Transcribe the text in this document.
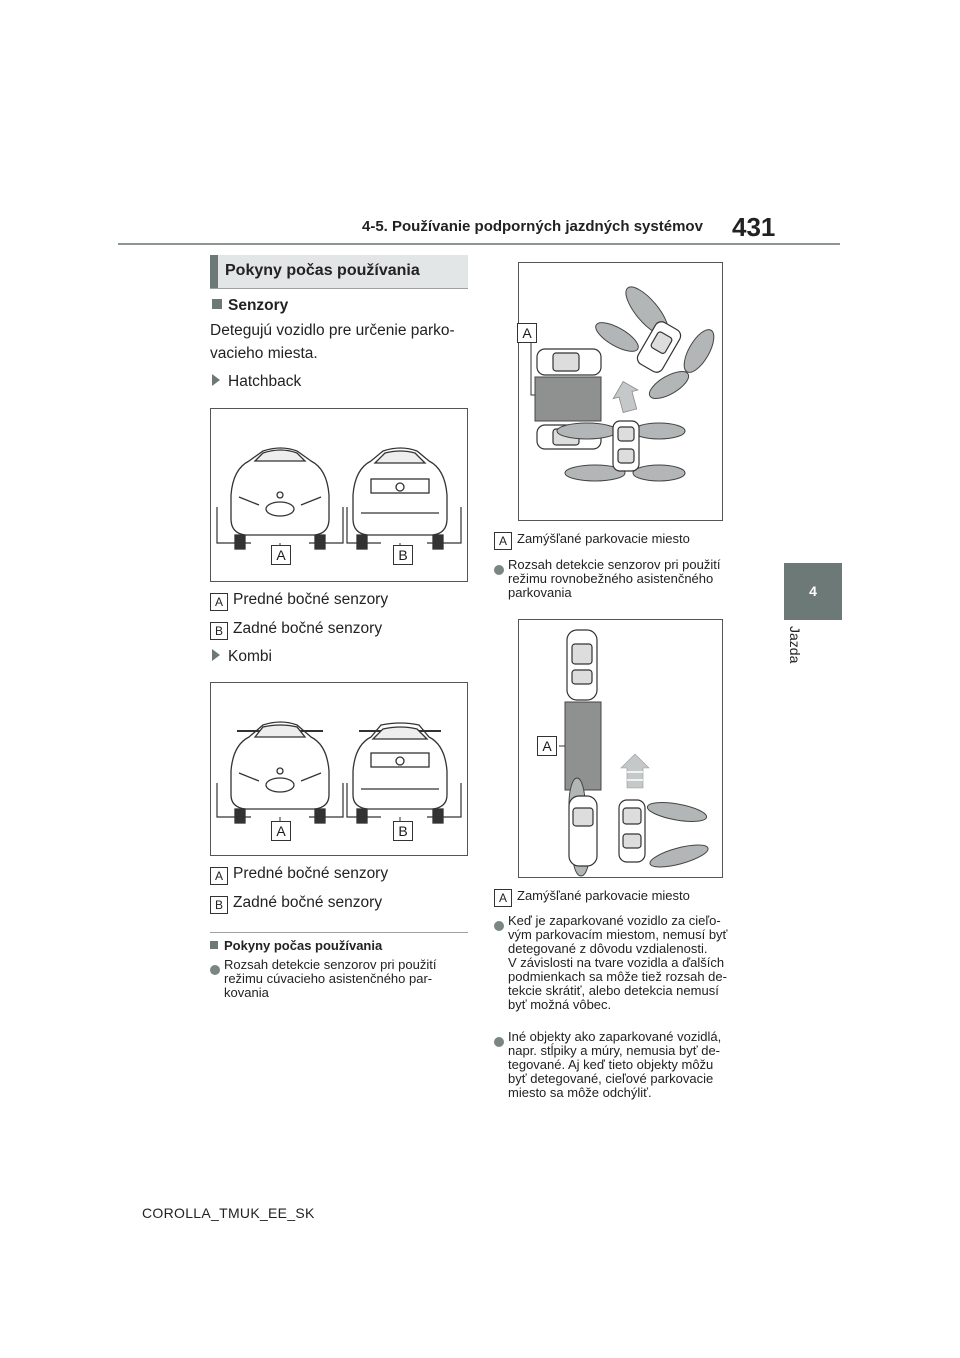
4-5. Používanie podporných jazdných systémov 431
4
Jazda
Pokyny počas používania
Senzory
Detegujú vozidlo pre určenie parko-
vacieho miesta.
Hatchback
A	B
A Predné bočné senzory
B Zadné bočné senzory
Kombi
A	B
A Predné bočné senzory
B Zadné bočné senzory
Pokyny počas používania
Rozsah detekcie senzorov pri použití
režimu cúvacieho asistenčného par-
kovania
A
A Zamýšľané parkovacie miesto
Rozsah detekcie senzorov pri použití
režimu rovnobežného asistenčného
parkovania
A
A Zamýšľané parkovacie miesto
Keď je zaparkované vozidlo za cieľo-
vým parkovacím miestom, nemusí byť
detegované z dôvodu vzdialenosti.
V závislosti na tvare vozidla a ďalších
podmienkach sa môže tiež rozsah de-
tekcie skrátiť, alebo detekcia nemusí
byť možná vôbec.
Iné objekty ako zaparkované vozidlá,
napr. stĺpiky a múry, nemusia byť de-
tegované. Aj keď tieto objekty môžu
byť detegované, cieľové parkovacie
miesto sa môže odchýliť.
COROLLA_TMUK_EE_SK
